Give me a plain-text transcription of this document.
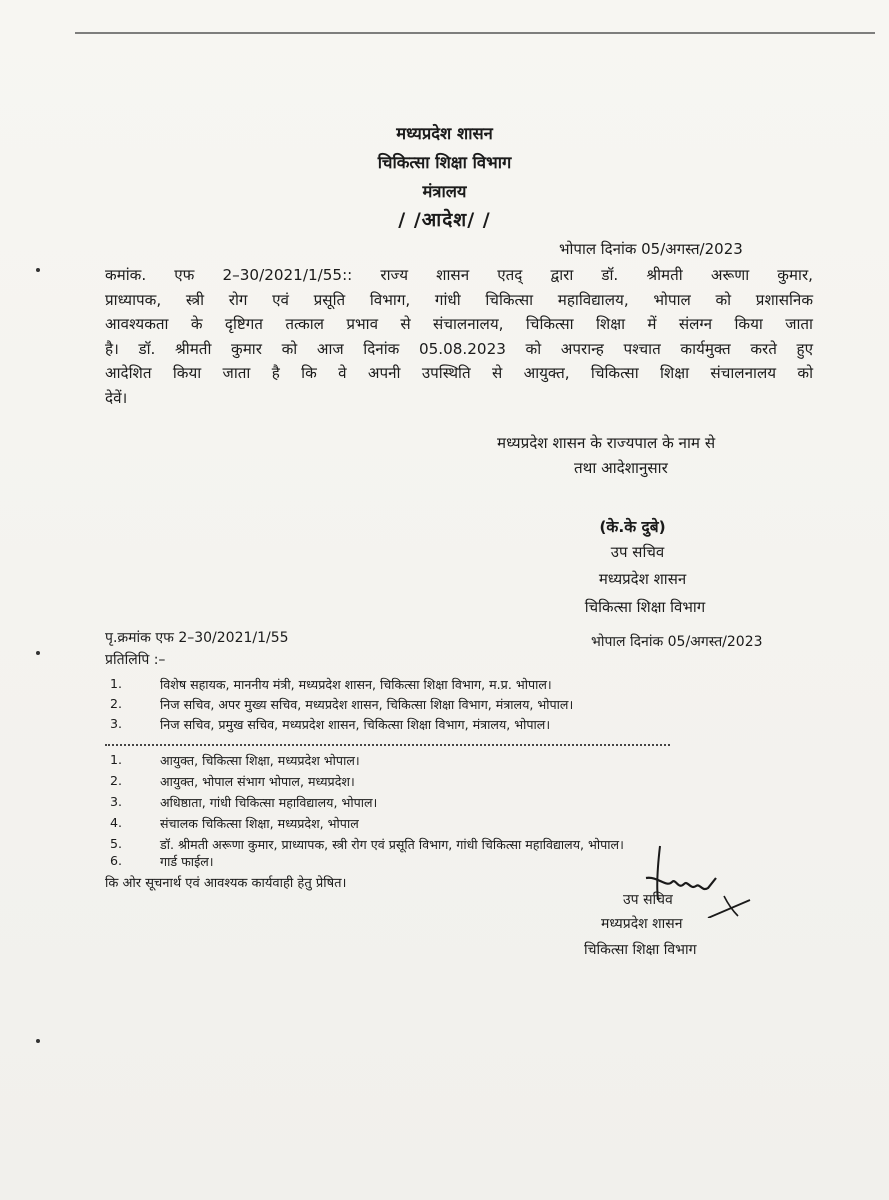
मध्यप्रदेश शासन
चिकित्सा शिक्षा विभाग
मंत्रालय
/ /आदेश/ /
भोपाल दिनांक 05/अगस्त/2023
कमांक. एफ 2–30/2021/1/55:: राज्य शासन एतद् द्वारा डॉ. श्रीमती अरूणा कुमार,
प्राध्यापक, स्त्री रोग एवं प्रसूति विभाग, गांधी चिकित्सा महाविद्यालय, भोपाल को प्रशासनिक
आवश्यकता के दृष्टिगत तत्काल प्रभाव से संचालनालय, चिकित्सा शिक्षा में संलग्न किया जाता
है। डॉ. श्रीमती कुमार को आज दिनांक 05.08.2023 को अपरान्ह पश्चात कार्यमुक्त करते हुए
आदेशित किया जाता है कि वे अपनी उपस्थिति से आयुक्त, चिकित्सा शिक्षा संचालनालय को
देवें।
मध्यप्रदेश शासन के राज्यपाल के नाम से
तथा आदेशानुसार
(के.के दुबे)
उप सचिव
मध्यप्रदेश शासन
चिकित्सा शिक्षा विभाग
पृ.क्रमांक एफ 2–30/2021/1/55	भोपाल दिनांक 05/अगस्त/2023
प्रतिलिपि :–
1.	विशेष सहायक, माननीय मंत्री, मध्यप्रदेश शासन, चिकित्सा शिक्षा विभाग, म.प्र. भोपाल।
2.	निज सचिव, अपर मुख्य सचिव, मध्यप्रदेश शासन, चिकित्सा शिक्षा विभाग, मंत्रालय, भोपाल।
3.	निज सचिव, प्रमुख सचिव, मध्यप्रदेश शासन, चिकित्सा शिक्षा विभाग, मंत्रालय, भोपाल।
1.	आयुक्त, चिकित्सा शिक्षा, मध्यप्रदेश भोपाल।
2.	आयुक्त, भोपाल संभाग भोपाल, मध्यप्रदेश।
3.	अधिष्ठाता, गांधी चिकित्सा महाविद्यालय, भोपाल।
4.	संचालक चिकित्सा शिक्षा, मध्यप्रदेश, भोपाल
5.	डॉ. श्रीमती अरूणा कुमार, प्राध्यापक, स्त्री रोग एवं प्रसूति विभाग, गांधी चिकित्सा महाविद्यालय, भोपाल।
6.	गार्ड फाईल।
कि ओर सूचनार्थ एवं आवश्यक कार्यवाही हेतु प्रेषित।
उप सचिव
मध्यप्रदेश शासन
चिकित्सा शिक्षा विभाग
